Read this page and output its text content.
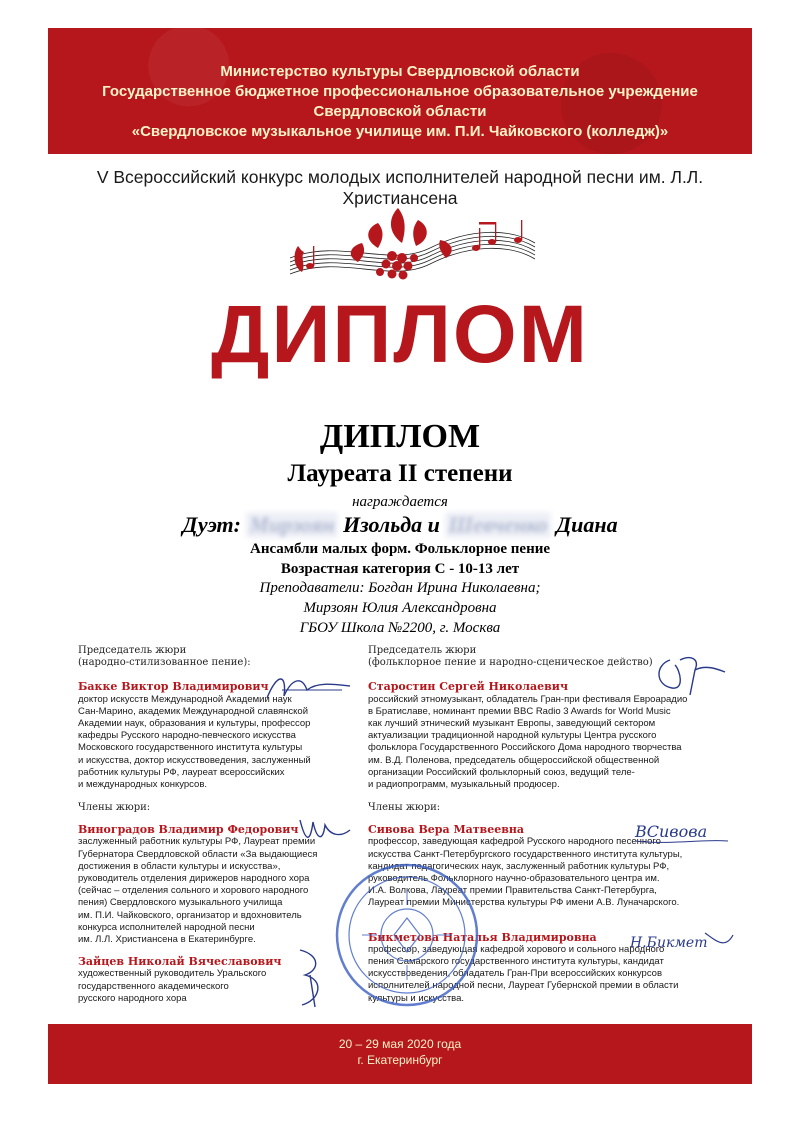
Министерство культуры Свердловской области
Государственное бюджетное профессиональное образовательное учреждение Свердловской области
«Свердловское музыкальное училище им. П.И. Чайковского (колледж)»
V Всероссийский конкурс молодых исполнителей народной песни им. Л.Л. Христиансена
ДИПЛОМ
ДИПЛОМ
Лауреата II степени
награждается
Дуэт: Мирзоян Изольда и Шевченко Диана
Ансамбли малых форм. Фольклорное пение
Возрастная категория С - 10-13 лет
Преподаватели: Богдан Ирина Николаевна;
Мирзоян Юлия Александровна
ГБОУ Школа №2200, г. Москва
Председатель жюри
(народно-стилизованное пение):
Бакке Виктор Владимирович
доктор искусств Международной Академии наук
Сан-Марино, академик Международной славянской
Академии наук, образования и культуры, профессор
кафедры Русского народно-певческого искусства
Московского государственного института культуры
и искусства, доктор искусствоведения, заслуженный
работник культуры РФ, лауреат всероссийских
и международных конкурсов.
Члены жюри:
Виноградов Владимир Федорович
заслуженный работник культуры РФ, Лауреат премии
Губернатора Свердловской области «За выдающиеся
достижения в области культуры и искусства»,
руководитель отделения дирижеров народного хора
(сейчас – отделения сольного и хорового народного
пения) Свердловского музыкального училища
им. П.И. Чайковского, организатор и вдохновитель
конкурса исполнителей народной песни
им. Л.Л. Христиансена в Екатеринбурге.
Зайцев Николай Вячеславович
художественный руководитель Уральского
государственного академического
русского народного хора
Председатель жюри
(фольклорное пение и народно-сценическое действо)
Старостин Сергей Николаевич
российский этномузыкант, обладатель Гран-при фестиваля Евроарадио
в Братиславе, номинант премии BBC Radio 3 Awards for World Music
как лучший этнический музыкант Европы, заведующий сектором
актуализации традиционной народной культуры Центра русского
фольклора Государственного Российского Дома народного творчества
им. В.Д. Поленова, председатель общероссийской общественной
организации Российский фольклорный союз, ведущий теле-
и радиопрограмм, музыкальный продюсер.
Члены жюри:
Сивова Вера Матвеевна
профессор, заведующая кафедрой Русского народного песенного
искусства Санкт-Петербургского государственного института культуры,
кандидат педагогических наук, заслуженный работник культуры РФ,
руководитель Фольклорного научно-образовательного центра им.
И.А. Волкова, Лауреат премии Правительства Санкт-Петербурга,
Лауреат премии Министерства культуры РФ имени А.В. Луначарского.
Бикметова Наталья Владимировна
профессор, заведующая кафедрой хорового и сольного народного
пения Самарского государственного института культуры, кандидат
искусствоведения, обладатель Гран-При всероссийских конкурсов
исполнителей народной песни, Лауреат Губернской премии в области
культуры и искусства.
ВСивова
Н.Бикмет
20 – 29 мая 2020 года
г. Екатеринбург
